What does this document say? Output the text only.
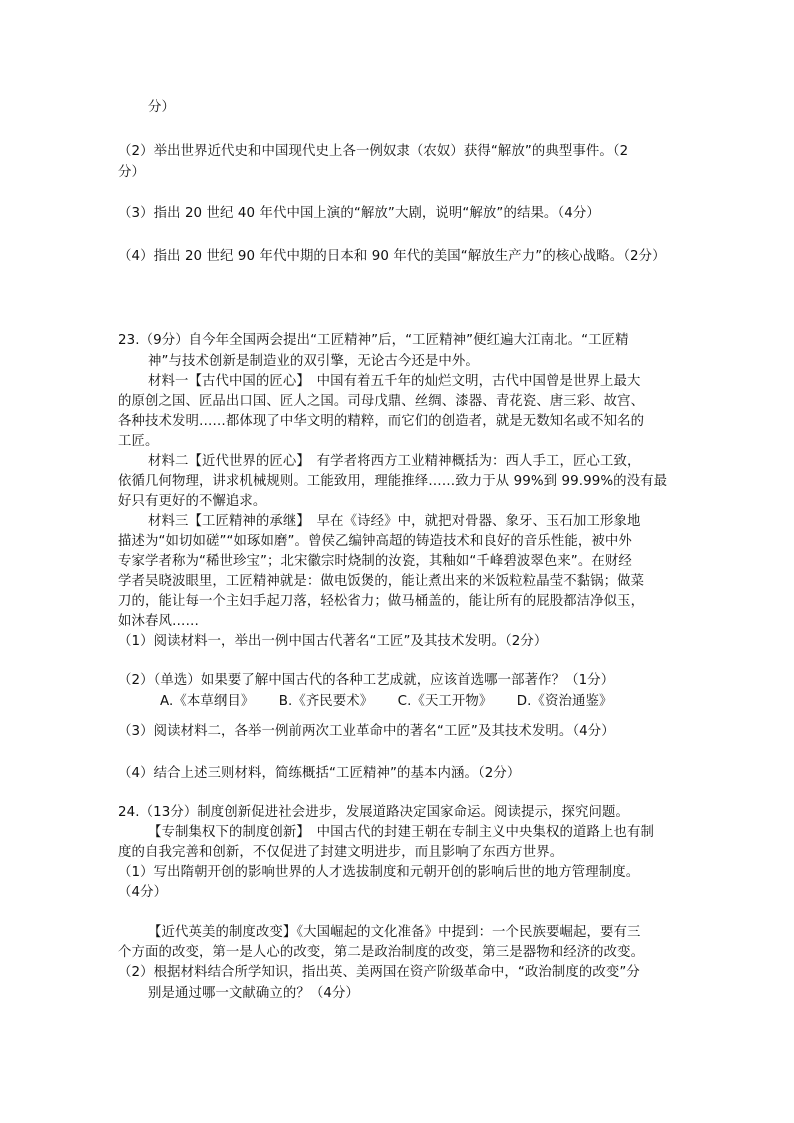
分）
（2）举出世界近代史和中国现代史上各一例奴隶（农奴）获得“解放”的典型事件。（2
分）
（3）指出 20 世纪 40 年代中国上演的“解放”大剧，说明“解放”的结果。（4分）
（4）指出 20 世纪 90 年代中期的日本和 90 年代的美国“解放生产力”的核心战略。（2分）
23.（9分）自今年全国两会提出“工匠精神”后，“工匠精神”便红遍大江南北。“工匠精
神”与技术创新是制造业的双引擎，无论古今还是中外。
材料一【古代中国的匠心】　中国有着五千年的灿烂文明，古代中国曾是世界上最大
的原创之国、匠品出口国、匠人之国。司母戊鼎、丝绸、漆器、青花瓷、唐三彩、故宫、
各种技术发明……都体现了中华文明的精粹，而它们的创造者，就是无数知名或不知名的
工匠。
材料二【近代世界的匠心】　有学者将西方工业精神概括为：西人手工，匠心工致，
依循几何物理，讲求机械规则。工能致用，理能推绎……致力于从 99%到 99.99%的没有最
好只有更好的不懈追求。
材料三【工匠精神的承继】　早在《诗经》中，就把对骨器、象牙、玉石加工形象地
描述为“如切如磋”“如琢如磨”。曾侯乙编钟高超的铸造技术和良好的音乐性能，被中外
专家学者称为“稀世珍宝”；北宋徽宗时烧制的汝瓷，其釉如“千峰碧波翠色来”。在财经
学者吴晓波眼里，工匠精神就是：做电饭煲的，能让煮出来的米饭粒粒晶莹不黏锅；做菜
刀的，能让每一个主妇手起刀落，轻松省力；做马桶盖的，能让所有的屁股都洁净似玉，
如沐春风……
（1）阅读材料一，举出一例中国古代著名“工匠”及其技术发明。（2分）
（2）（单选）如果要了解中国古代的各种工艺成就，应该首选哪一部著作？（1分）
A.《本草纲目》 B.《齐民要术》 C.《天工开物》 D.《资治通鉴》
（3）阅读材料二，各举一例前两次工业革命中的著名“工匠”及其技术发明。（4分）
（4）结合上述三则材料，简练概括“工匠精神”的基本内涵。（2分）
24.（13分）制度创新促进社会进步，发展道路决定国家命运。阅读提示，探究问题。
【专制集权下的制度创新】　中国古代的封建王朝在专制主义中央集权的道路上也有制
度的自我完善和创新，不仅促进了封建文明进步，而且影响了东西方世界。
（1）写出隋朝开创的影响世界的人才选拔制度和元朝开创的影响后世的地方管理制度。
（4分）
【近代英美的制度改变】《大国崛起的文化准备》中提到：一个民族要崛起，要有三
个方面的改变，第一是人心的改变，第二是政治制度的改变，第三是器物和经济的改变。
（2）根据材料结合所学知识，指出英、美两国在资产阶级革命中，“政治制度的改变”分
别是通过哪一文献确立的？（4分）
